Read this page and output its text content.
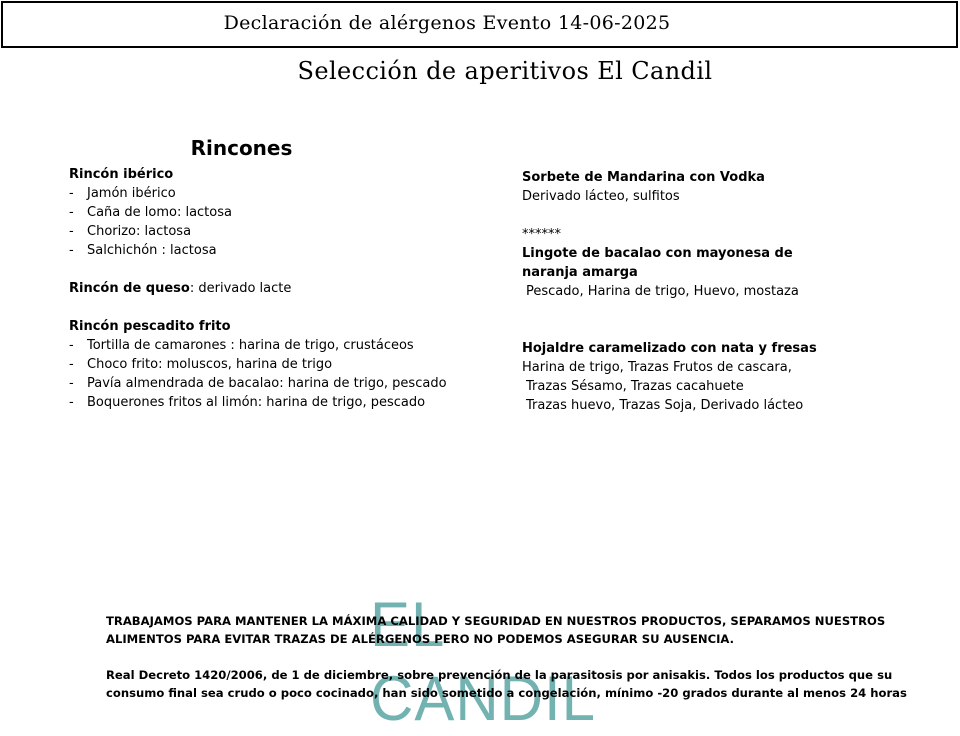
Declaración de alérgenos Evento 14-06-2025
Selección de aperitivos El Candil
Rincones
Rincón ibérico
- Jamón ibérico
- Caña de lomo: lactosa
- Chorizo: lactosa
- Salchichón : lactosa
Rincón de queso: derivado lacte
Rincón pescadito frito
- Tortilla de camarones : harina de trigo, crustáceos
- Choco frito: moluscos, harina de trigo
- Pavía almendrada de bacalao: harina de trigo, pescado
- Boquerones fritos al limón: harina de trigo, pescado
Sorbete de Mandarina con Vodka
Derivado lácteo, sulfitos
******
Lingote de bacalao con mayonesa de naranja amarga
Pescado, Harina de trigo, Huevo, mostaza
Hojaldre caramelizado con nata y fresas
Harina de trigo, Trazas Frutos de cascara,
Trazas Sésamo, Trazas cacahuete
Trazas huevo, Trazas Soja, Derivado lácteo
EL CANDIL

TRABAJAMOS PARA MANTENER LA MÁXIMA CALIDAD Y SEGURIDAD EN NUESTROS PRODUCTOS, SEPARAMOS NUESTROS ALIMENTOS PARA EVITAR TRAZAS DE ALÉRGENOS PERO NO PODEMOS ASEGURAR SU AUSENCIA.

Real Decreto 1420/2006, de 1 de diciembre, sobre prevención de la parasitosis por anisakis. Todos los productos que su consumo final sea crudo o poco cocinado, han sido sometido a congelación, mínimo -20 grados durante al menos 24 horas
